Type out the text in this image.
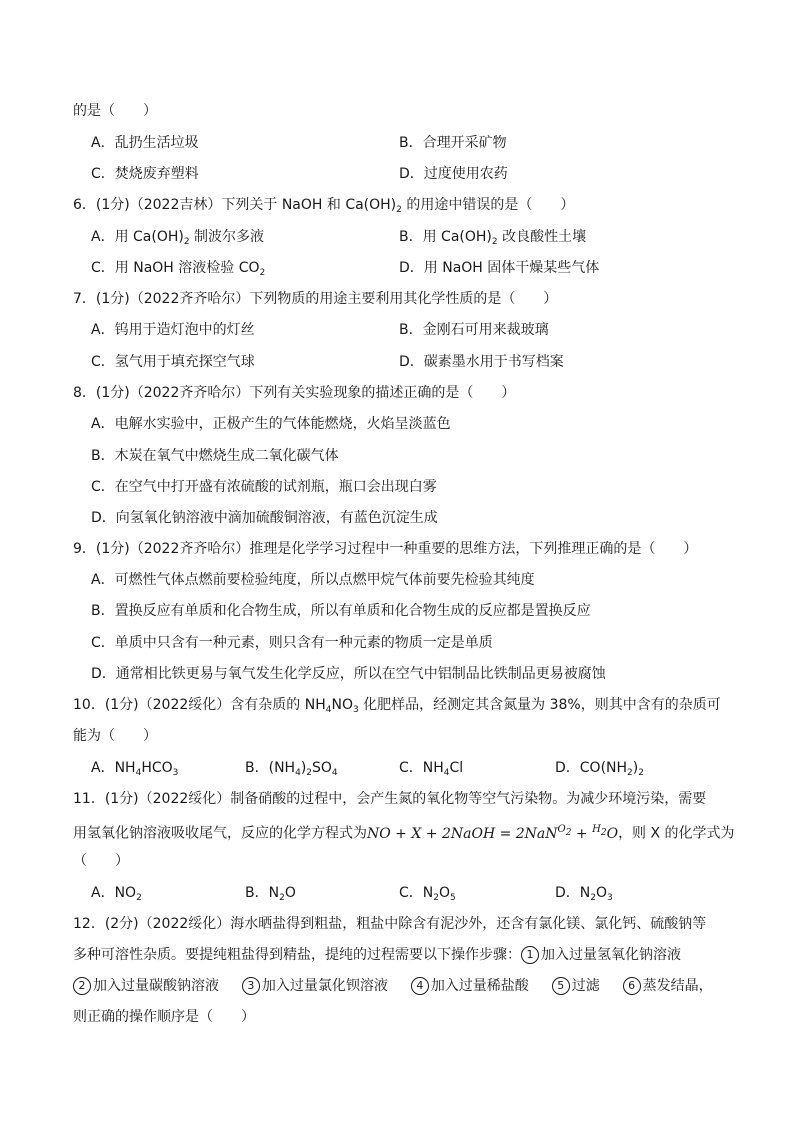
的是（　　）
A．乱扔生活垃圾	B．合理开采矿物
C．焚烧废弃塑料	D．过度使用农药
6．(1分)（2022吉林）下列关于 NaOH 和 $Ca(OH)_2$ 的用途中错误的是（　　）
A．用 $Ca(OH)_2$ 制波尔多液	B．用 $Ca(OH)_2$ 改良酸性土壤
C．用 NaOH 溶液检验 $CO_2$	D．用 NaOH 固体干燥某些气体
7．(1分)（2022齐齐哈尔）下列物质的用途主要利用其化学性质的是（　　）
A．钨用于造灯泡中的灯丝	B．金刚石可用来裁玻璃
C．氢气用于填充探空气球	D．碳素墨水用于书写档案
8．(1分)（2022齐齐哈尔）下列有关实验现象的描述正确的是（　　）
A．电解水实验中，正极产生的气体能燃烧，火焰呈淡蓝色
B．木炭在氧气中燃烧生成二氧化碳气体
C．在空气中打开盛有浓硫酸的试剂瓶，瓶口会出现白雾
D．向氢氧化钠溶液中滴加硫酸铜溶液，有蓝色沉淀生成
9．(1分)（2022齐齐哈尔）推理是化学学习过程中一种重要的思维方法，下列推理正确的是（　　）
A．可燃性气体点燃前要检验纯度，所以点燃甲烷气体前要先检验其纯度
B．置换反应有单质和化合物生成，所以有单质和化合物生成的反应都是置换反应
C．单质中只含有一种元素，则只含有一种元素的物质一定是单质
D．通常相比铁更易与氧气发生化学反应，所以在空气中铝制品比铁制品更易被腐蚀
10．(1分)（2022绥化）含有杂质的 $NH_4NO_3$ 化肥样品，经测定其含氮量为 38%，则其中含有的杂质可
能为（　　）
A．$NH_4HCO_3$	B．$(NH_4)_2SO_4$	C．$NH_4Cl$	D．$CO(NH_2)_2$
11．(1分)（2022绥化）制备硝酸的过程中，会产生氮的氧化物等空气污染物。为减少环境污染，需要
用氢氧化钠溶液吸收尾气，反应的化学方程式为NO + X + 2NaOH = 2NaN$^{O_2}$ + $^{H_2}$O，则 X 的化学式为
（　　）
A．$NO_2$	B．$N_2O$	C．$N_2O_5$	D．$N_2O_3$
12．(2分)（2022绥化）海水晒盐得到粗盐，粗盐中除含有泥沙外，还含有氯化镁、氯化钙、硫酸钠等
多种可溶性杂质。要提纯粗盐得到精盐，提纯的过程需要以下操作步骤： 1 加入过量氢氧化钠溶液
2 加入过量碳酸钠溶液	3 加入过量氯化钡溶液	4 加入过量稀盐酸	5 过滤	6 蒸发结晶，
则正确的操作顺序是（　　）
